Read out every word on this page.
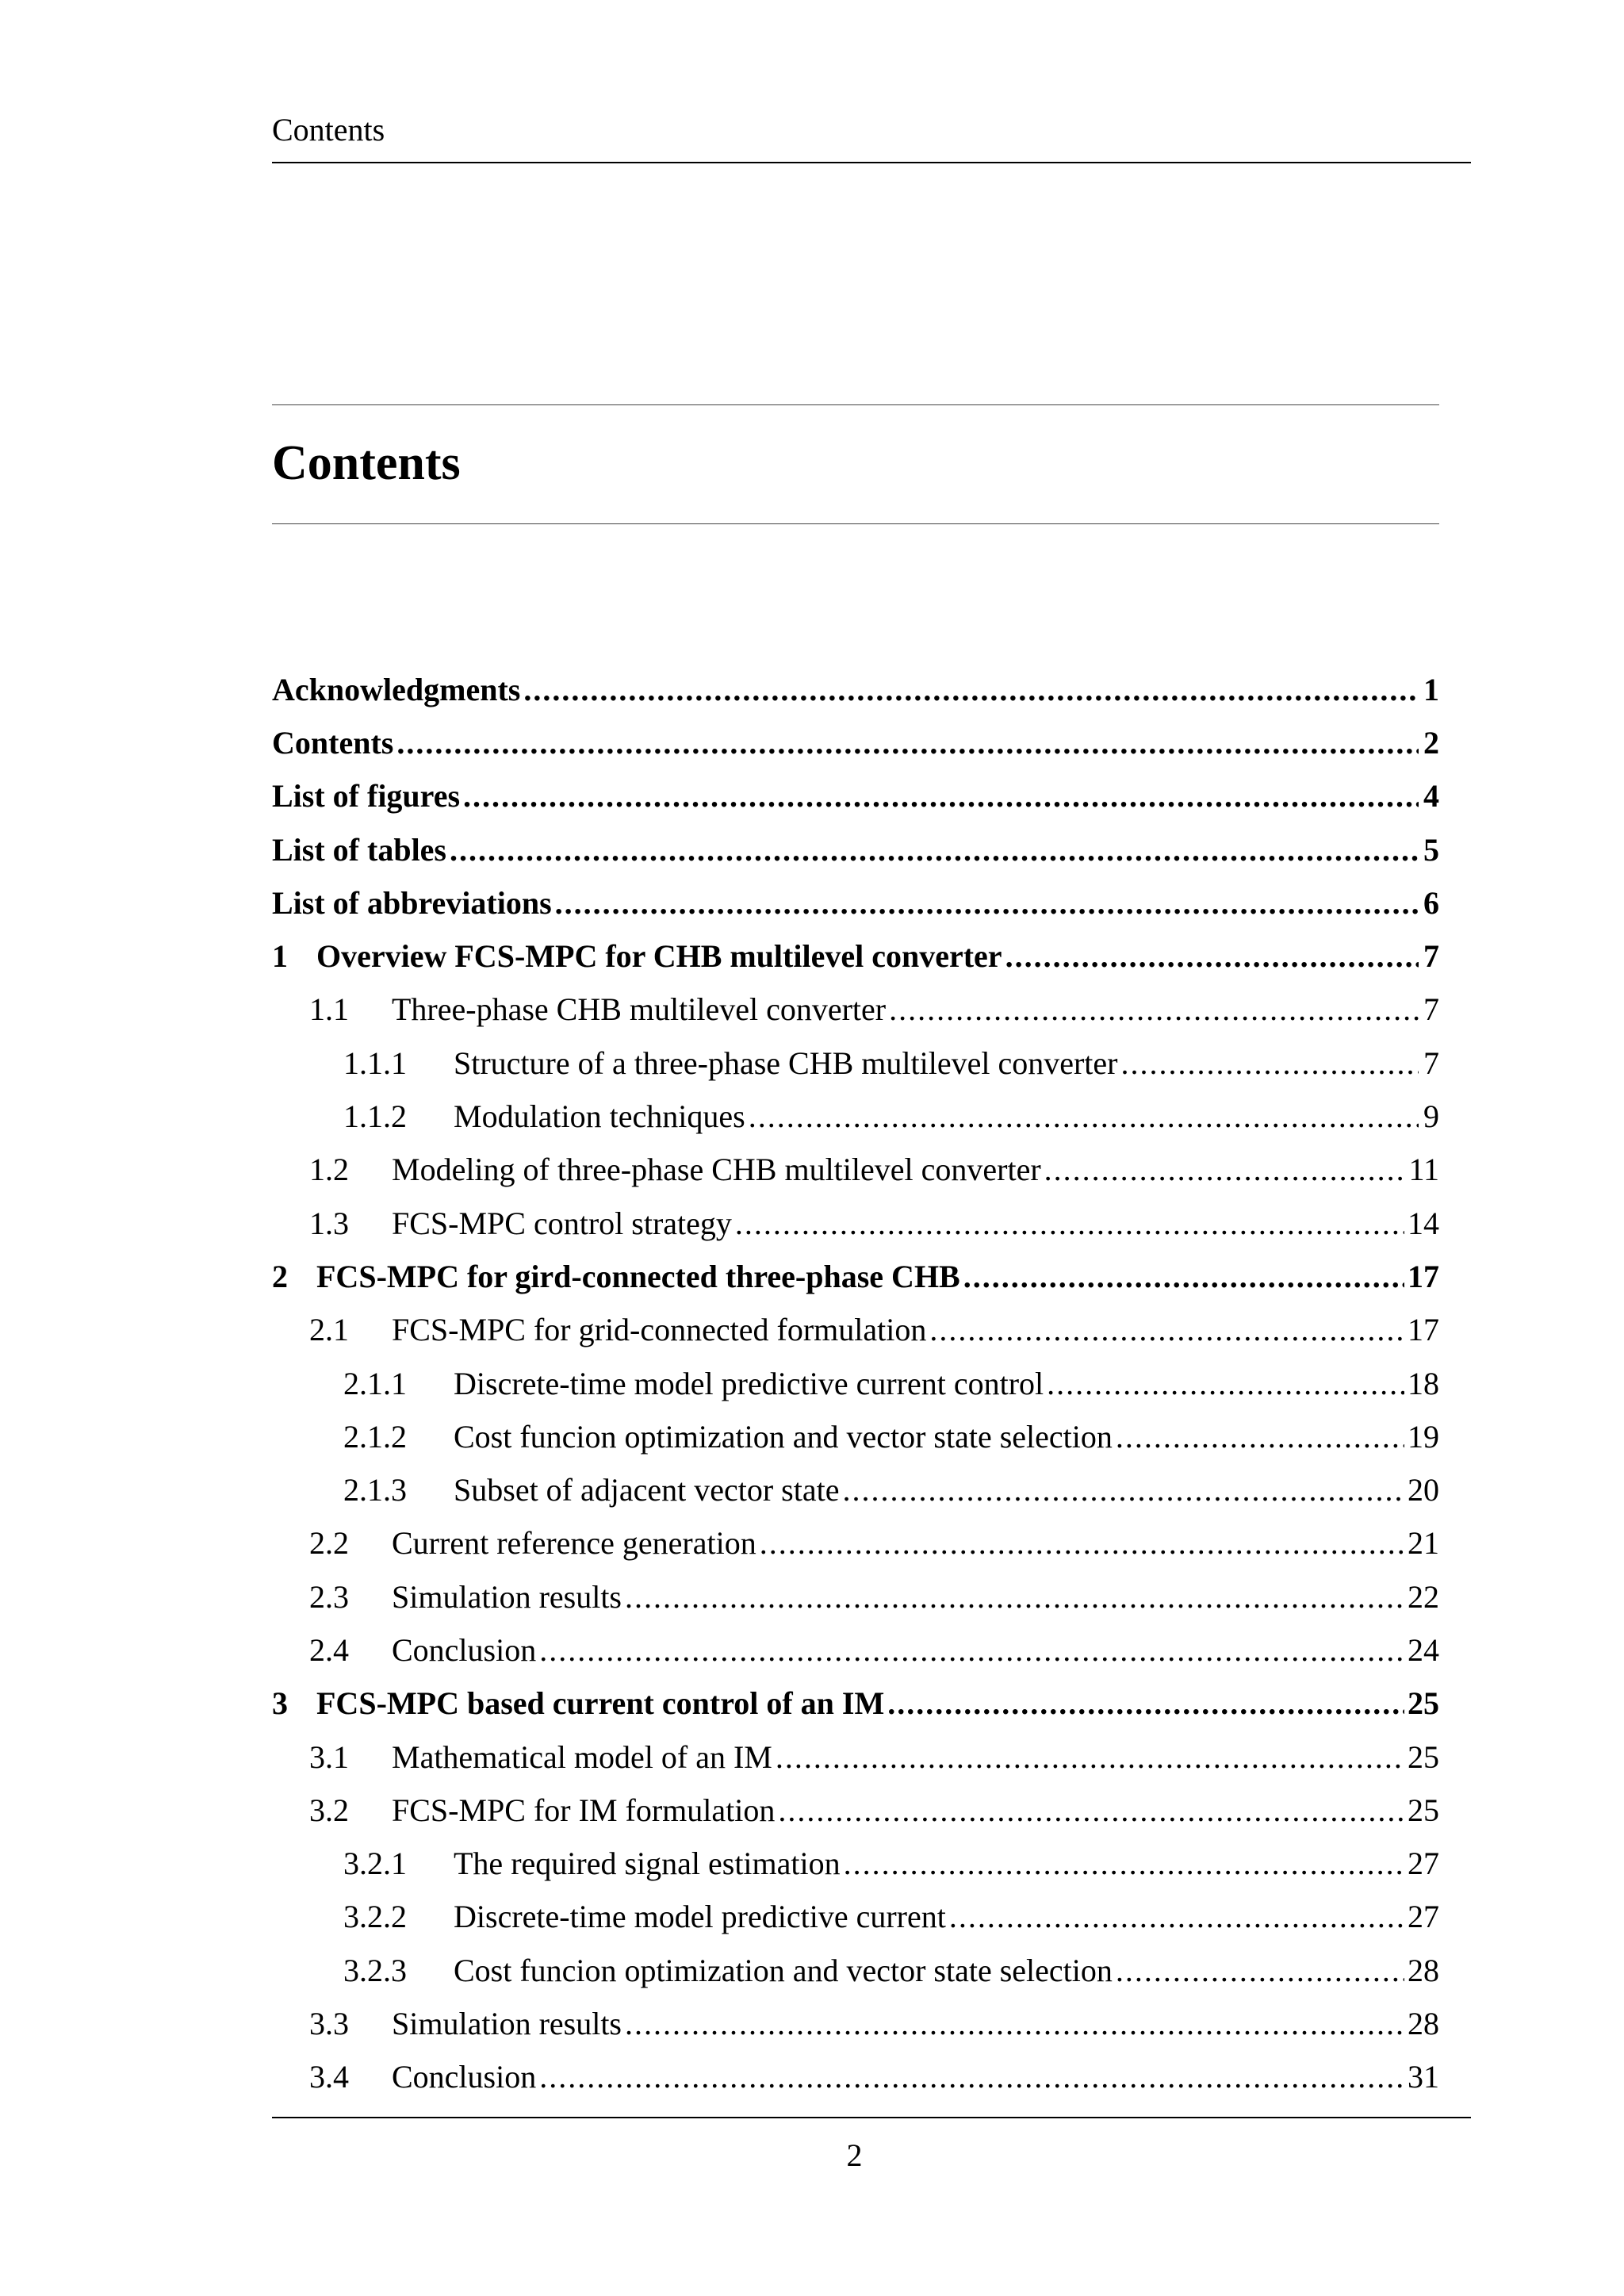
Contents
Contents
Acknowledgments .....	1
Contents .....	2
List of figures .....	4
List of tables .....	5
List of abbreviations .....	6
1 Overview FCS-MPC for CHB multilevel converter .....	7
1.1	Three-phase CHB multilevel converter .....	7
1.1.1	Structure of a three-phase CHB multilevel converter .....	7
1.1.2	Modulation techniques .....	9
1.2	Modeling of three-phase CHB multilevel converter .....	11
1.3	FCS-MPC control strategy .....	14
2 FCS-MPC for gird-connected three-phase CHB .....	17
2.1	FCS-MPC for grid-connected formulation .....	17
2.1.1	Discrete-time model predictive current control .....	18
2.1.2	Cost funcion optimization and vector state selection .....	19
2.1.3	Subset of adjacent vector state .....	20
2.2	Current reference generation .....	21
2.3	Simulation results .....	22
2.4	Conclusion .....	24
3 FCS-MPC based current control of an IM .....	25
3.1	Mathematical model of an IM .....	25
3.2	FCS-MPC for IM formulation .....	25
3.2.1	The required signal estimation .....	27
3.2.2	Discrete-time model predictive current .....	27
3.2.3	Cost funcion optimization and vector state selection .....	28
3.3	Simulation results .....	28
3.4	Conclusion .....	31
2
